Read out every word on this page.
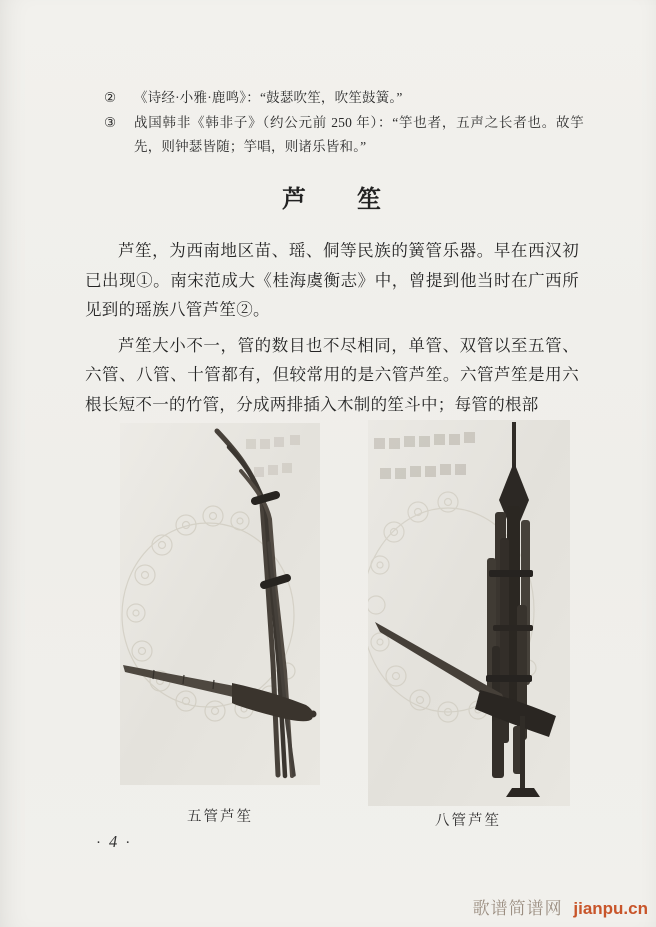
②	《诗经·小雅·鹿鸣》：“鼓瑟吹笙，吹笙鼓簧。”
③	战国韩非《韩非子》（约公元前 250 年）：“竽也者，五声之长者也。故竽先，则钟瑟皆随；竽唱，则诸乐皆和。”
芦　　笙

芦笙，为西南地区苗、瑶、侗等民族的簧管乐器。早在西汉初已出现①。南宋范成大《桂海虞衡志》中，曾提到他当时在广西所见到的瑶族八管芦笙②。

芦笙大小不一，管的数目也不尽相同，单管、双管以至五管、六管、八管、十管都有，但较常用的是六管芦笙。六管芦笙是用六根长短不一的竹管，分成两排插入木制的笙斗中；每管的根部

五管芦笙	八管芦笙
· 4 ·
歌谱简谱网 jianpu.cn
